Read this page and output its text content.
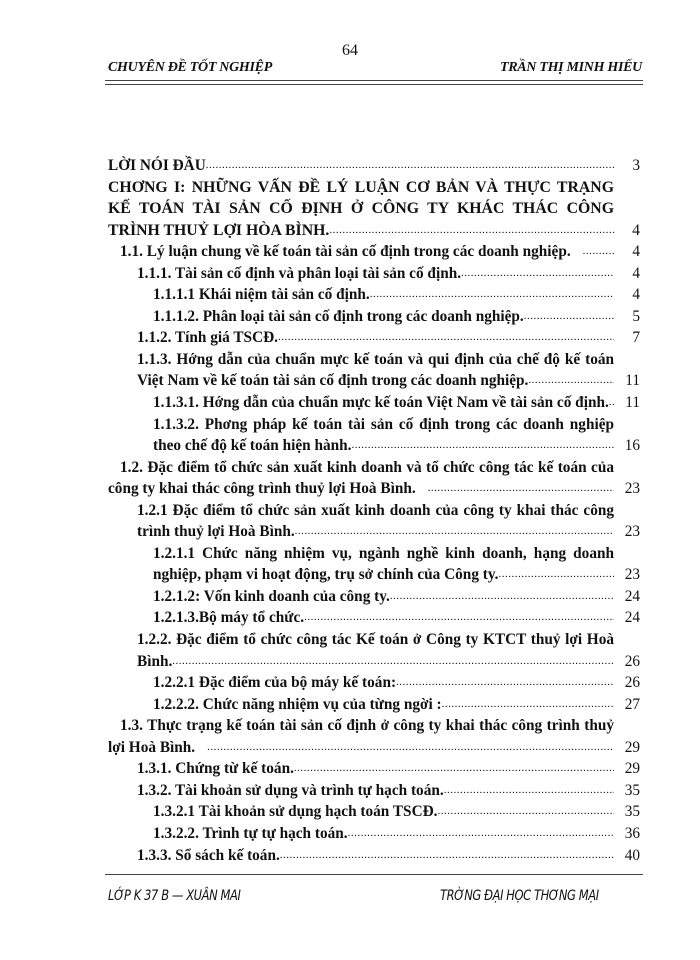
64
CHUYÊN ĐỀ TỐT NGHIỆP	TRẦN THỊ MINH HIẾU
LỜI NÓI ĐẦU .....	3
CHƠNG I: NHỮNG VẤN ĐỀ LÝ LUẬN CƠ BẢN VÀ THỰC TRẠNG KẾ TOÁN TÀI SẢN CỐ ĐỊNH Ở CÔNG TY KHÁC THÁC CÔNG TRÌNH THUỶ LỢI HÒA BÌNH. .....	4
1.1. Lý luận chung về kế toán tài sản cố định trong các doanh nghiệp. .....	4
1.1.1. Tài sản cố định và phân loại tài sản cố định. .....	4
1.1.1.1 Khái niệm tài sản cố định. .....	4
1.1.1.2. Phân loại tài sản cố định trong các doanh nghiệp. .....	5
1.1.2. Tính giá TSCĐ. .....	7
1.1.3. Hớng dẫn của chuẩn mực kế toán và qui định của chế độ kế toán Việt Nam về kế toán tài sản cố định trong các doanh nghiệp. .....	11
1.1.3.1. Hớng dẫn của chuẩn mực kế toán Việt Nam về tài sản cố định. .....	11
1.1.3.2. Phơng pháp kế toán tài sản cố định trong các doanh nghiệp theo chế độ kế toán hiện hành. .....	16
1.2. Đặc điểm tổ chức sản xuất kinh doanh và tổ chức công tác kế toán của công ty khai thác công trình thuỷ lợi Hoà Bình. .....	23
1.2.1 Đặc điểm tổ chức sản xuất kinh doanh của công ty khai thác công trình thuỷ lợi Hoà Bình. .....	23
1.2.1.1 Chức năng nhiệm vụ, ngành nghề kinh doanh, hạng doanh nghiệp, phạm vi hoạt động, trụ sở chính của Công ty. .....	23
1.2.1.2: Vốn kinh doanh của công ty. .....	24
1.2.1.3.Bộ máy tổ chức. .....	24
1.2.2. Đặc điểm tổ chức công tác Kế toán ở Công ty KTCT thuỷ lợi Hoà Bình. .....	26
1.2.2.1 Đặc điểm của bộ máy kế toán: .....	26
1.2.2.2. Chức năng nhiệm vụ của từng ngời : .....	27
1.3. Thực trạng kế toán tài sản cố định ở công ty khai thác công trình thuỷ lợi Hoà Bình. .....	29
1.3.1. Chứng từ kế toán. .....	29
1.3.2. Tài khoản sử dụng và trình tự hạch toán. .....	35
1.3.2.1 Tài khoản sử dụng hạch toán TSCĐ. .....	35
1.3.2.2. Trình tự tự hạch toán. .....	36
1.3.3. Sổ sách kế toán. .....	40
LỚP K 37 B — XUÂN MAI	TRỜNG ĐẠI HỌC THƠNG MẠI
